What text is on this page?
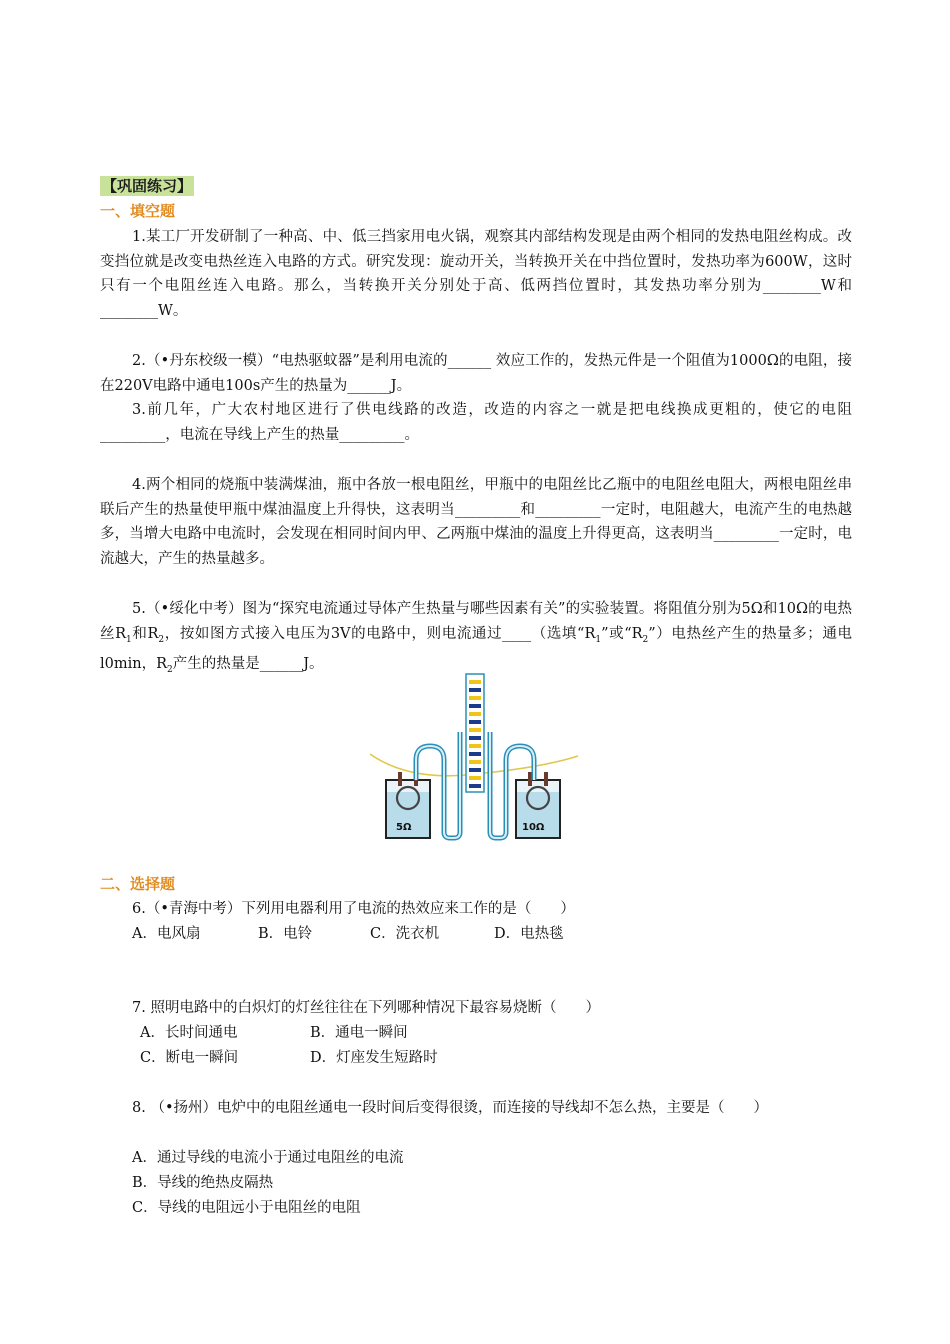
【巩固练习】
一、填空题
1.某工厂开发研制了一种高、中、低三挡家用电火锅，观察其内部结构发现是由两个相同的发热电阻丝构成。改变挡位就是改变电热丝连入电路的方式。研究发现：旋动开关，当转换开关在中挡位置时，发热功率为600W，这时只有一个电阻丝连入电路。那么，当转换开关分别处于高、低两挡位置时，其发热功率分别为________W和________W。
2.（•丹东校级一模）“电热驱蚊器”是利用电流的______ 效应工作的，发热元件是一个阻值为1000Ω的电阻，接在220V电路中通电100s产生的热量为______J。
3.前几年，广大农村地区进行了供电线路的改造，改造的内容之一就是把电线换成更粗的，使它的电阻_________，电流在导线上产生的热量_________。
4.两个相同的烧瓶中装满煤油，瓶中各放一根电阻丝，甲瓶中的电阻丝比乙瓶中的电阻丝电阻大，两根电阻丝串联后产生的热量使甲瓶中煤油温度上升得快，这表明当_________和_________一定时，电阻越大，电流产生的电热越多，当增大电路中电流时，会发现在相同时间内甲、乙两瓶中煤油的温度上升得更高，这表明当_________一定时，电流越大，产生的热量越多。
5.（•绥化中考）图为“探究电流通过导体产生热量与哪些因素有关”的实验装置。将阻值分别为5Ω和10Ω的电热丝$R_1$和$R_2$，按如图方式接入电压为3V的电路中，则电流通过____（选填“$R_1$”或“$R_2$”）电热丝产生的热量多；通电l0min，$R_2$产生的热量是______J。
5Ω	10Ω
二、选择题
6.（•青海中考）下列用电器利用了电流的热效应来工作的是（　　）
A．电风扇	B．电铃	C．洗衣机	D．电热毯
7. 照明电路中的白炽灯的灯丝往往在下列哪种情况下最容易烧断（　　）
A．长时间通电	B．通电一瞬间
C．断电一瞬间	D．灯座发生短路时
8. （•扬州）电炉中的电阻丝通电一段时间后变得很烫，而连接的导线却不怎么热，主要是（　　）
A．通过导线的电流小于通过电阻丝的电流
B．导线的绝热皮隔热
C．导线的电阻远小于电阻丝的电阻
